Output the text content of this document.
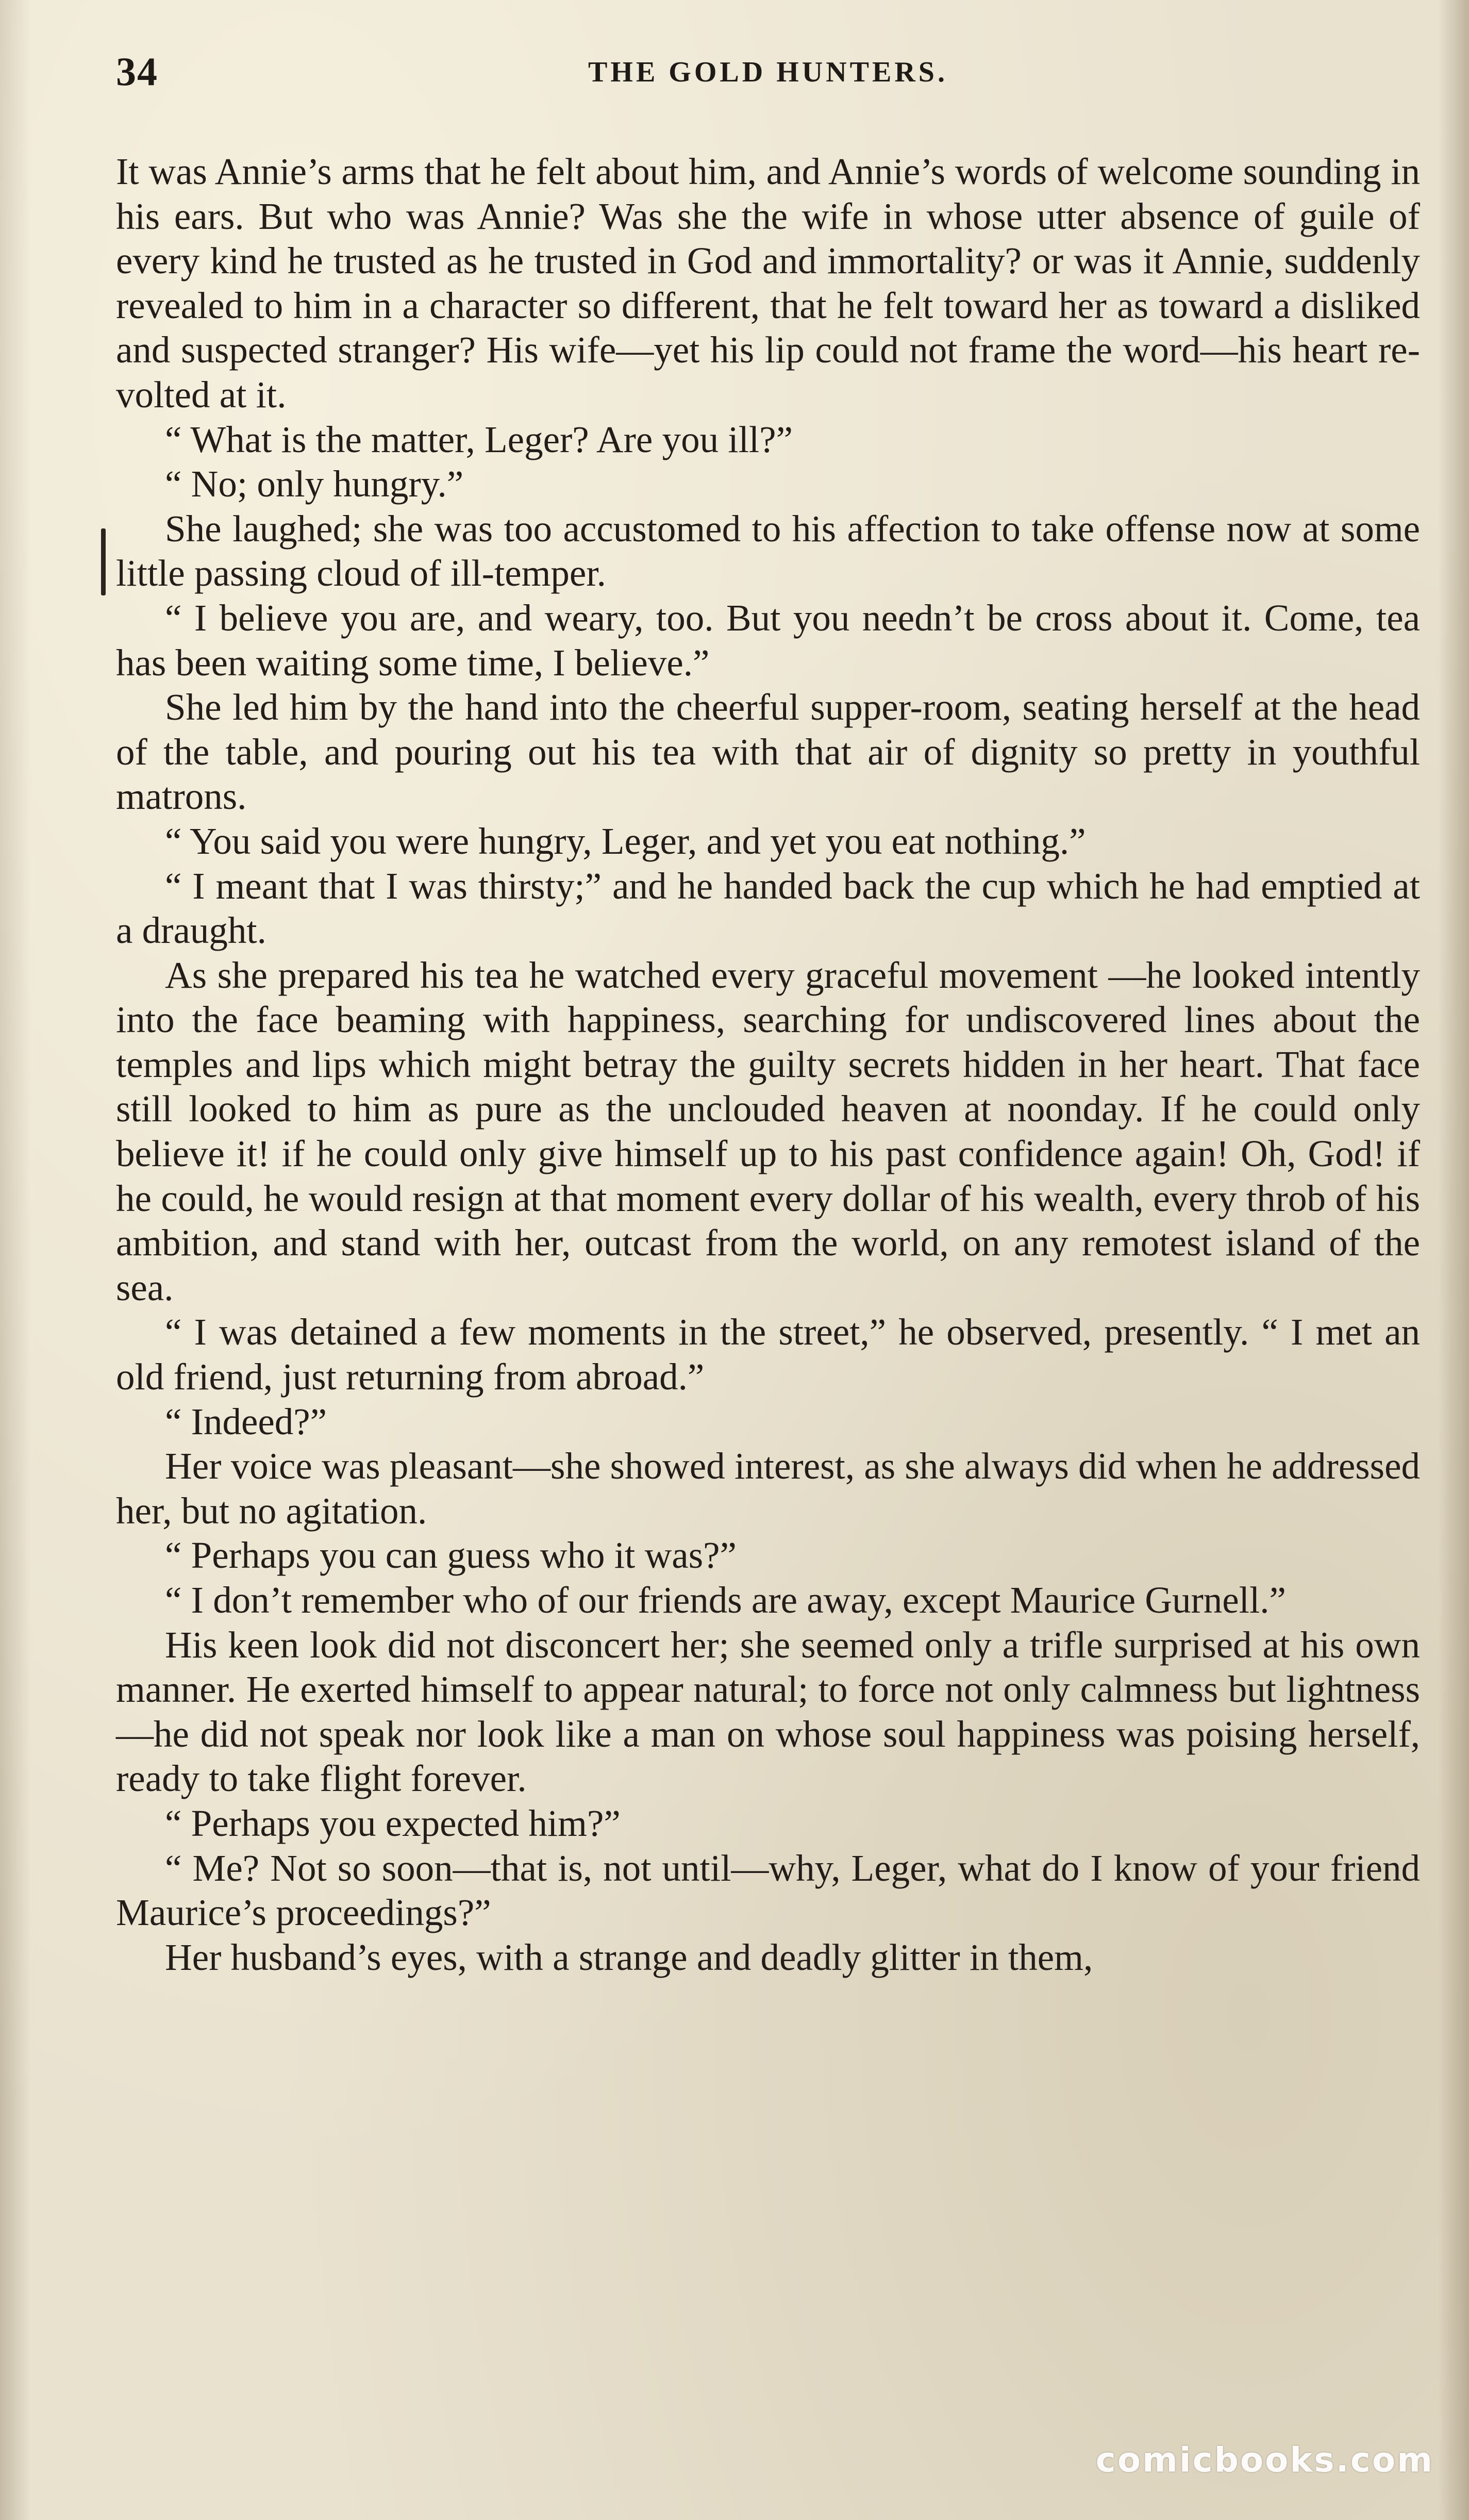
34	THE GOLD HUNTERS.

It was Annie’s arms that he felt about him, and Annie’s words of welcome sounding in his ears. But who was Annie? Was she the wife in whose utter absence of guile of every kind he trusted as he trusted in God and immortality? or was it Annie, suddenly revealed to him in a character so different, that he felt toward her as toward a disliked and suspected stranger? His wife—yet his lip could not frame the word—his heart revolted at it.

“ What is the matter, Leger? Are you ill?”

“ No; only hungry.”

She laughed; she was too accustomed to his affection to take offense now at some little passing cloud of ill-temper.

“ I believe you are, and weary, too. But you needn’t be cross about it. Come, tea has been waiting some time, I believe.”

She led him by the hand into the cheerful supper-room, seating herself at the head of the table, and pouring out his tea with that air of dignity so pretty in youthful matrons.

“ You said you were hungry, Leger, and yet you eat nothing.”

“ I meant that I was thirsty;” and he handed back the cup which he had emptied at a draught.

As she prepared his tea he watched every graceful movement —he looked intently into the face beaming with happiness, searching for undiscovered lines about the temples and lips which might betray the guilty secrets hidden in her heart. That face still looked to him as pure as the unclouded heaven at noonday. If he could only believe it! if he could only give himself up to his past confidence again! Oh, God! if he could, he would resign at that moment every dollar of his wealth, every throb of his ambition, and stand with her, outcast from the world, on any remotest island of the sea.

“ I was detained a few moments in the street,” he observed, presently. “ I met an old friend, just returning from abroad.”

“ Indeed?”

Her voice was pleasant—she showed interest, as she always did when he addressed her, but no agitation.

“ Perhaps you can guess who it was?”

“ I don’t remember who of our friends are away, except Maurice Gurnell.”

His keen look did not disconcert her; she seemed only a trifle surprised at his own manner. He exerted himself to appear natural; to force not only calmness but lightness—he did not speak nor look like a man on whose soul happiness was poising herself, ready to take flight forever.

“ Perhaps you expected him?”

“ Me? Not so soon—that is, not until—why, Leger, what do I know of your friend Maurice’s proceedings?”

Her husband’s eyes, with a strange and deadly glitter in them,

comicbooks.com
